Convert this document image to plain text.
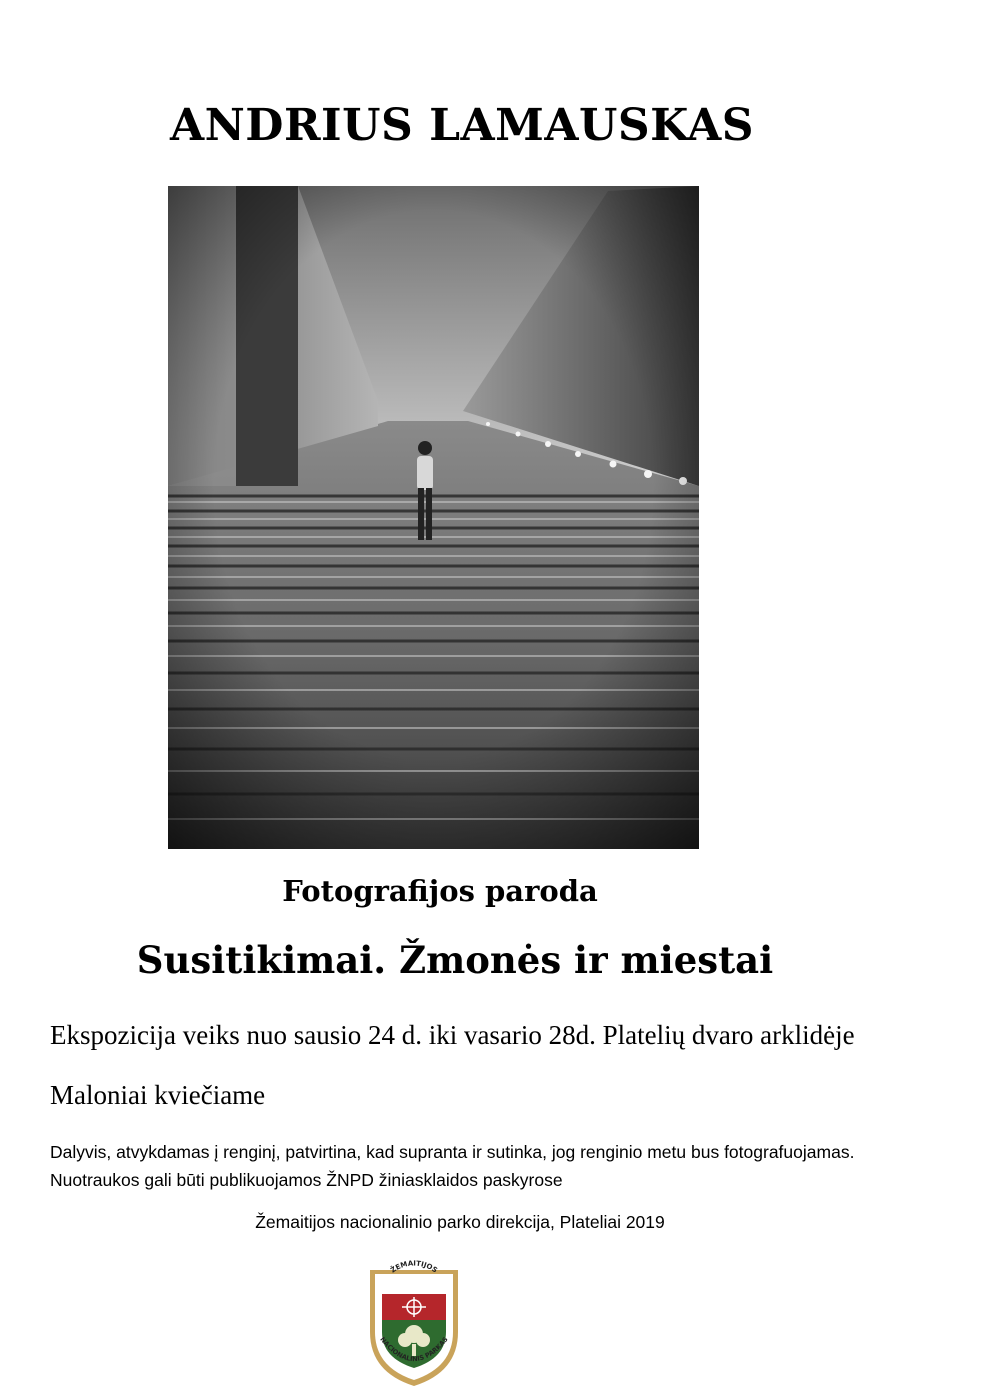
ANDRIUS LAMAUSKAS
Fotografijos paroda
Susitikimai. Žmonės ir miestai
Ekspozicija veiks nuo sausio 24 d. iki vasario 28d. Platelių dvaro arklidėje
Maloniai kviečiame
Dalyvis, atvykdamas į renginį, patvirtina, kad supranta ir sutinka, jog renginio metu bus fotografuojamas.
Nuotraukos gali būti publikuojamos ŽNPD žiniasklaidos paskyrose
Žemaitijos nacionalinio parko direkcija, Plateliai 2019
ŽEMAITIJOS
NACIONALINIS PARKAS
